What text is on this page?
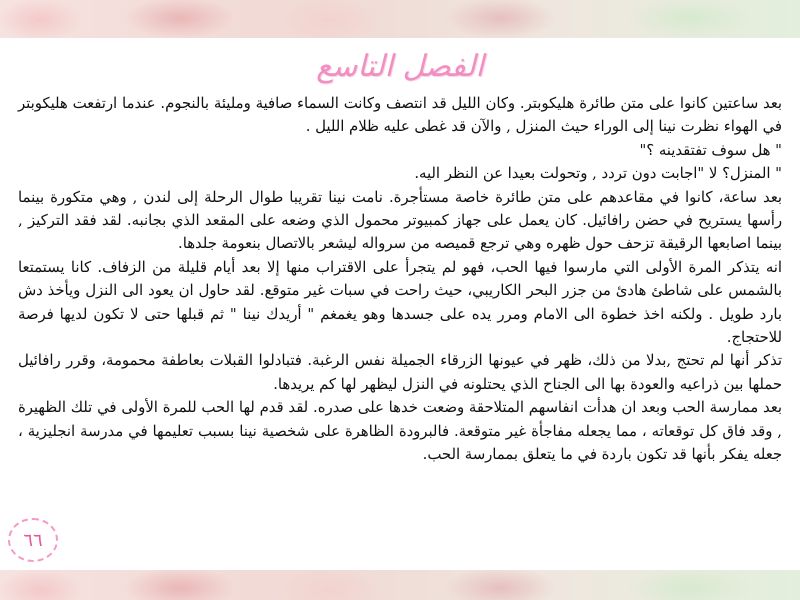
الفصل التاسع

بعد ساعتين كانوا على متن طائرة هليكوبتر. وكان الليل قد انتصف وكانت السماء صافية ومليئة بالنجوم. عندما ارتفعت هليكوبتر في الهواء نظرت نينا إلى الوراء حيث المنزل , والآن قد غطى عليه ظلام الليل .

" هل سوف تفتقدينه ؟"

" المنزل؟ لا "اجابت دون تردد , وتحولت بعيدا عن النظر اليه.

بعد ساعة، كانوا في مقاعدهم على متن طائرة خاصة مستأجرة. نامت نينا تقريبا طوال الرحلة إلى لندن , وهي متكورة بينما رأسها يستريح في حضن رافائيل. كان يعمل على جهاز كمبيوتر محمول الذي وضعه على المقعد الذي بجانبه. لقد فقد التركيز , بينما اصابعها الرقيقة تزحف حول ظهره وهي ترجع قميصه من سرواله ليشعر بالاتصال بنعومة جلدها.

انه يتذكر المرة الأولى التي مارسوا فيها الحب، فهو لم يتجرأ على الاقتراب منها إلا بعد أيام قليلة من الزفاف. كانا يستمتعا بالشمس على شاطئ هادئ من جزر البحر الكاريبي، حيث راحت في سبات غير متوقع. لقد حاول ان يعود الى النزل ويأخذ دش بارد طويل . ولكنه اخذ خطوة الى الامام ومرر يده على جسدها وهو يغمغم " أريدك نينا " ثم قبلها حتى لا تكون لديها فرصة للاحتجاج.

تذكر أنها لم تحتج ,بدلا من ذلك، ظهر في عيونها الزرقاء الجميلة نفس الرغبة. فتبادلوا القبلات بعاطفة محمومة، وقرر رافائيل حملها بين ذراعيه والعودة بها الى الجناح الذي يحتلونه في النزل ليظهر لها كم يريدها.

بعد ممارسة الحب وبعد ان هدأت انفاسهم المتلاحقة وضعت خدها على صدره. لقد قدم لها الحب للمرة الأولى في تلك الظهيرة , وقد فاق كل توقعاته ، مما يجعله مفاجأة غير متوقعة. فالبرودة الظاهرة على شخصية نينا بسبب تعليمها في مدرسة انجليزية ، جعله يفكر بأنها قد تكون باردة في ما يتعلق بممارسة الحب.

٦٦
